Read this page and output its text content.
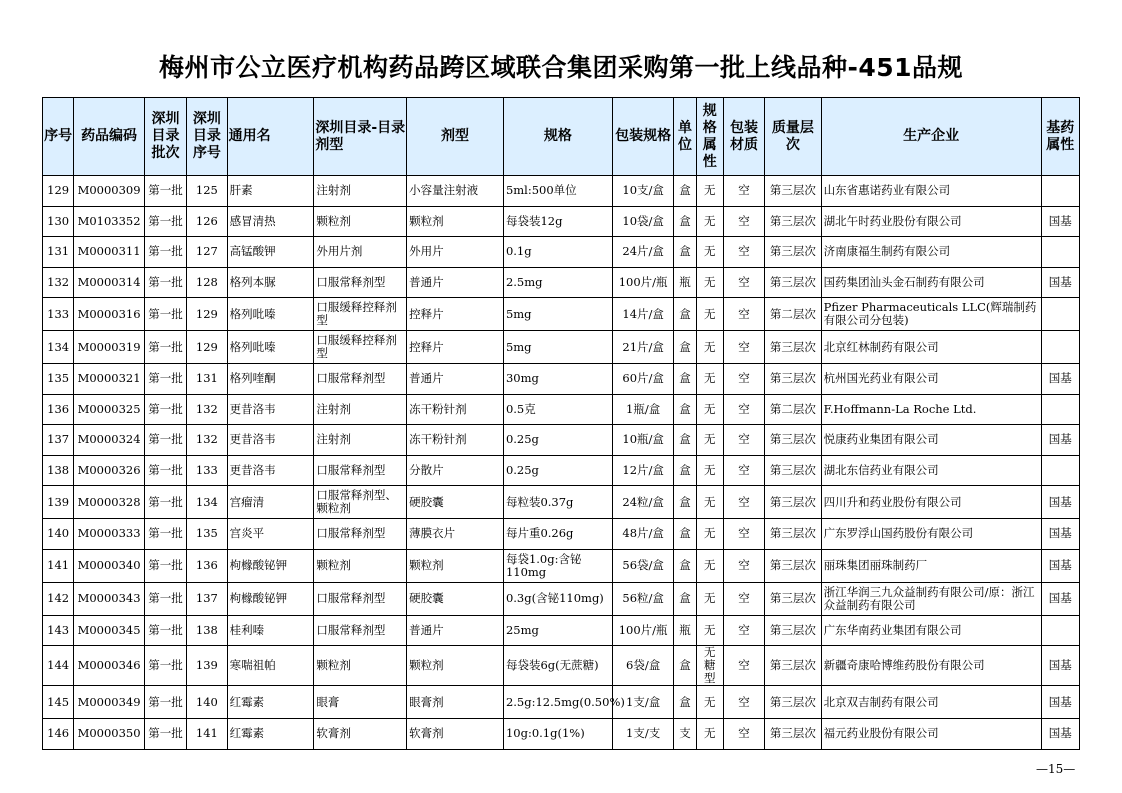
梅州市公立医疗机构药品跨区域联合集团采购第一批上线品种-451品规
序号	药品编码	深圳目录批次	深圳目录序号	通用名	深圳目录-目录剂型	剂型	规格	包装规格	单位	规格属性	包装材质	质量层次	生产企业	基药属性
129	M0000309	第一批	125	肝素	注射剂	小容量注射液	5ml:500单位	10支/盒	盒	无	空	第三层次	山东省惠诺药业有限公司	
130	M0103352	第一批	126	感冒清热	颗粒剂	颗粒剂	每袋装12g	10袋/盒	盒	无	空	第三层次	湖北午时药业股份有限公司	国基
131	M0000311	第一批	127	高锰酸钾	外用片剂	外用片	0.1g	24片/盒	盒	无	空	第三层次	济南康福生制药有限公司	
132	M0000314	第一批	128	格列本脲	口服常释剂型	普通片	2.5mg	100片/瓶	瓶	无	空	第三层次	国药集团汕头金石制药有限公司	国基
133	M0000316	第一批	129	格列吡嗪	口服缓释控释剂型	控释片	5mg	14片/盒	盒	无	空	第二层次	Pfizer Pharmaceuticals LLC(辉瑞制药有限公司分包装)	
134	M0000319	第一批	129	格列吡嗪	口服缓释控释剂型	控释片	5mg	21片/盒	盒	无	空	第三层次	北京红林制药有限公司	
135	M0000321	第一批	131	格列喹酮	口服常释剂型	普通片	30mg	60片/盒	盒	无	空	第三层次	杭州国光药业有限公司	国基
136	M0000325	第一批	132	更昔洛韦	注射剂	冻干粉针剂	0.5克	1瓶/盒	盒	无	空	第二层次	F.Hoffmann-La Roche Ltd.	
137	M0000324	第一批	132	更昔洛韦	注射剂	冻干粉针剂	0.25g	10瓶/盒	盒	无	空	第三层次	悦康药业集团有限公司	国基
138	M0000326	第一批	133	更昔洛韦	口服常释剂型	分散片	0.25g	12片/盒	盒	无	空	第三层次	湖北东信药业有限公司	
139	M0000328	第一批	134	宫瘤清	口服常释剂型、颗粒剂	硬胶囊	每粒装0.37g	24粒/盒	盒	无	空	第三层次	四川升和药业股份有限公司	国基
140	M0000333	第一批	135	宫炎平	口服常释剂型	薄膜衣片	每片重0.26g	48片/盒	盒	无	空	第三层次	广东罗浮山国药股份有限公司	国基
141	M0000340	第一批	136	枸橼酸铋钾	颗粒剂	颗粒剂	每袋1.0g:含铋110mg	56袋/盒	盒	无	空	第三层次	丽珠集团丽珠制药厂	国基
142	M0000343	第一批	137	枸橼酸铋钾	口服常释剂型	硬胶囊	0.3g(含铋110mg)	56粒/盒	盒	无	空	第三层次	浙江华润三九众益制药有限公司/原：浙江众益制药有限公司	国基
143	M0000345	第一批	138	桂利嗪	口服常释剂型	普通片	25mg	100片/瓶	瓶	无	空	第三层次	广东华南药业集团有限公司	
144	M0000346	第一批	139	寒喘祖帕	颗粒剂	颗粒剂	每袋装6g(无蔗糖)	6袋/盒	盒	无糖型	空	第三层次	新疆奇康哈博维药股份有限公司	国基
145	M0000349	第一批	140	红霉素	眼膏	眼膏剂	2.5g:12.5mg(0.50%)	1支/盒	盒	无	空	第三层次	北京双吉制药有限公司	国基
146	M0000350	第一批	141	红霉素	软膏剂	软膏剂	10g:0.1g(1%)	1支/支	支	无	空	第三层次	福元药业股份有限公司	国基
—15—
